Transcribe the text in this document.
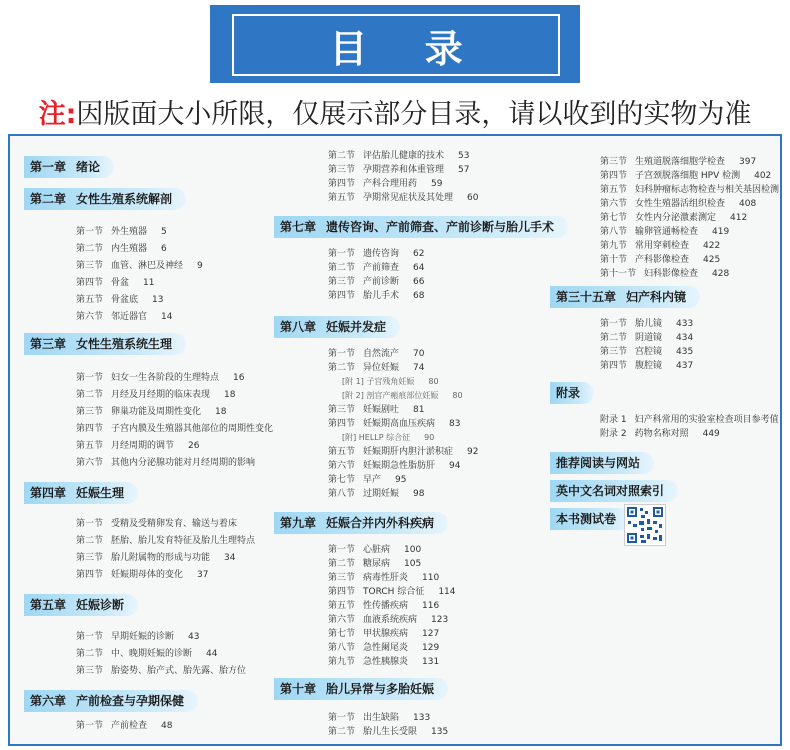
目 录
注:因版面大小所限，仅展示部分目录，请以收到的实物为准
第一章 绪论
第二章 女性生殖系统解剖
第三章 女性生殖系统生理
第四章 妊娠生理
第五章 妊娠诊断
第六章 产前检查与孕期保健
第七章 遗传咨询、产前筛查、产前诊断与胎儿手术
第八章 妊娠并发症
第九章 妊娠合并内外科疾病
第十章 胎儿异常与多胎妊娠
第三十五章 妇产科内镜
附录
推荐阅读与网站
英中文名词对照索引
本书测试卷
第一节 外生殖器 5
第二节 内生殖器 6
第三节 血管、淋巴及神经 9
第四节 骨盆 11
第五节 骨盆底 13
第六节 邻近器官 14
第一节 妇女一生各阶段的生理特点 16
第二节 月经及月经期的临床表现 18
第三节 卵巢功能及周期性变化 18
第四节 子宫内膜及生殖器其他部位的周期性变化
第五节 月经周期的调节 26
第六节 其他内分泌腺功能对月经周期的影响
第一节 受精及受精卵发育、输送与着床
第二节 胚胎、胎儿发育特征及胎儿生理特点
第三节 胎儿附属物的形成与功能 34
第四节 妊娠期母体的变化 37
第一节 早期妊娠的诊断 43
第二节 中、晚期妊娠的诊断 44
第三节 胎姿势、胎产式、胎先露、胎方位
第一节 产前检查 48
第二节 评估胎儿健康的技术 53
第三节 孕期营养和体重管理 57
第四节 产科合理用药 59
第五节 孕期常见症状及其处理 60
第一节 遗传咨询 62
第二节 产前筛查 64
第三节 产前诊断 66
第四节 胎儿手术 68
第一节 自然流产 70
第二节 异位妊娠 74
[附 1] 子宫残角妊娠 80
[附 2] 剖宫产瘢痕部位妊娠 80
第三节 妊娠剧吐 81
第四节 妊娠期高血压疾病 83
[附] HELLP 综合征 90
第五节 妊娠期肝内胆汁淤积症 92
第六节 妊娠期急性脂肪肝 94
第七节 早产 95
第八节 过期妊娠 98
第一节 心脏病 100
第二节 糖尿病 105
第三节 病毒性肝炎 110
第四节 TORCH 综合征 114
第五节 性传播疾病 116
第六节 血液系统疾病 123
第七节 甲状腺疾病 127
第八节 急性阑尾炎 129
第九节 急性胰腺炎 131
第一节 出生缺陷 133
第二节 胎儿生长受限 135
第三节 生殖道脱落细胞学检查 397
第四节 子宫颈脱落细胞 HPV 检测 402
第五节 妇科肿瘤标志物检查与相关基因检测
第六节 女性生殖器活组织检查 408
第七节 女性内分泌激素测定 412
第八节 输卵管通畅检查 419
第九节 常用穿刺检查 422
第十节 产科影像检查 425
第十一节 妇科影像检查 428
第一节 胎儿镜 433
第二节 阴道镜 434
第三节 宫腔镜 435
第四节 腹腔镜 437
附录 1 妇产科常用的实验室检查项目参考值
附录 2 药物名称对照 449
